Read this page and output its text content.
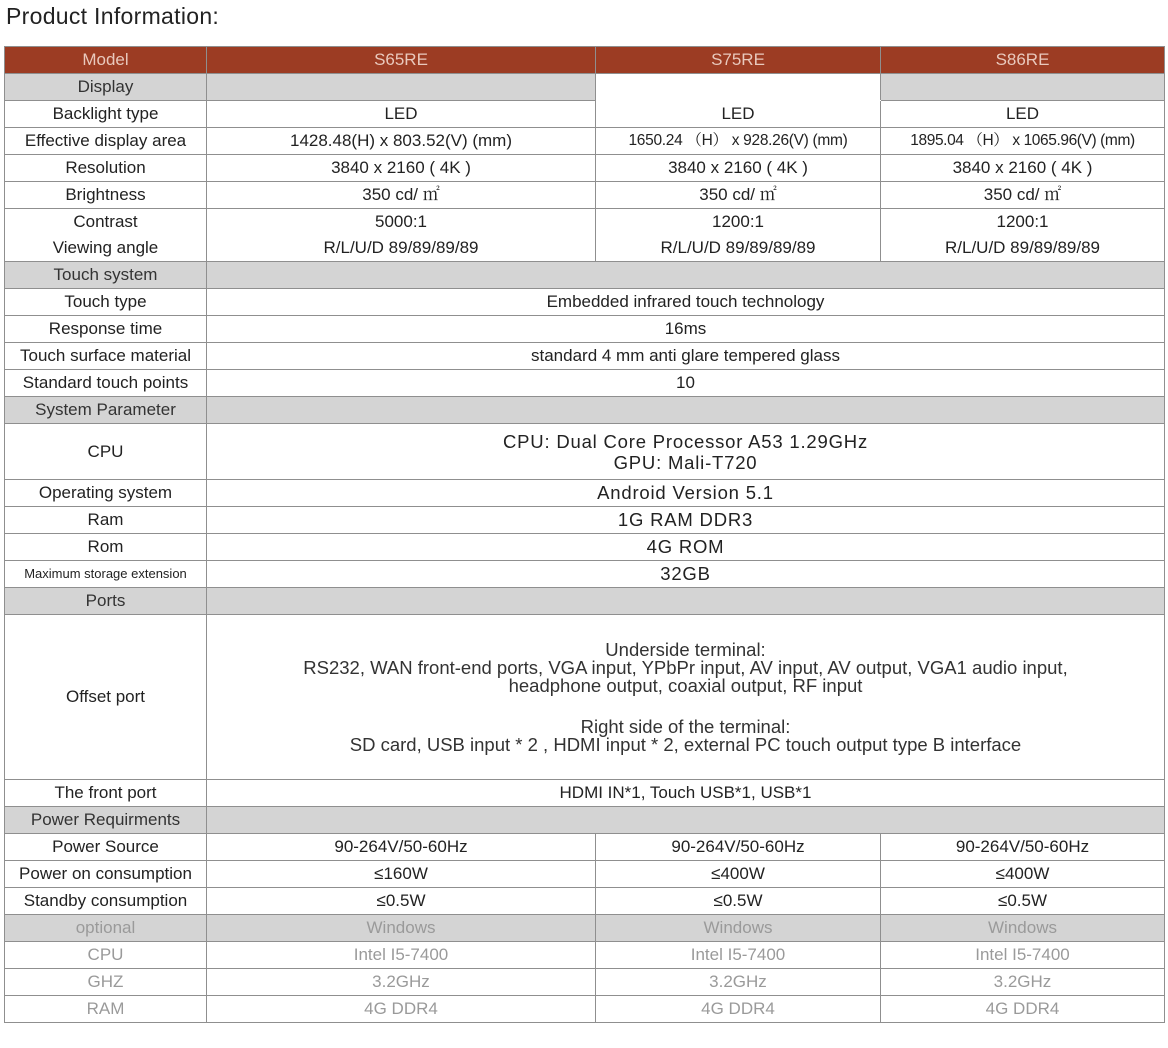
Product Information:
Model	S65RE	S75RE	S86RE
Display			
Backlight type	LED	LED	LED
Effective display area	1428.48(H) x 803.52(V) (mm)	1650.24 （H） x 928.26(V) (mm)	1895.04 （H） x 1065.96(V) (mm)
Resolution	3840 x 2160 ( 4K )	3840 x 2160 ( 4K )	3840 x 2160 ( 4K )
Brightness	350 cd/ ㎡	350 cd/ ㎡	350 cd/ ㎡
Contrast	5000:1	1200:1	1200:1
Viewing angle	R/L/U/D 89/89/89/89	R/L/U/D 89/89/89/89	R/L/U/D 89/89/89/89
Touch system			
Touch type	Embedded infrared touch technology		
Response time	16ms		
Touch surface material	standard 4 mm anti glare tempered glass		
Standard touch points	10		
System Parameter			
CPU	CPU: Dual Core Processor A53 1.29GHz
GPU: Mali-T720		

Operating system	Android Version 5.1		
Ram	1G RAM DDR3		
Rom	4G ROM		
Maximum storage extension	32GB		
Ports			
Offset port	Underside terminal:
RS232, WAN front-end ports, VGA input, YPbPr input, AV input, AV output, VGA1 audio input,
headphone output, coaxial output, RF input
Right side of the terminal:
SD card, USB input * 2 , HDMI input * 2, external PC touch output type B interface		

The front port	HDMI IN*1, Touch USB*1, USB*1		
Power Requirments			
Power Source	90-264V/50-60Hz	90-264V/50-60Hz	90-264V/50-60Hz
Power on consumption	≤160W	≤400W	≤400W
Standby consumption	≤0.5W	≤0.5W	≤0.5W
optional	Windows	Windows	Windows
CPU	Intel I5-7400	Intel I5-7400	Intel I5-7400
GHZ	3.2GHz	3.2GHz	3.2GHz
RAM	4G DDR4	4G DDR4	4G DDR4
